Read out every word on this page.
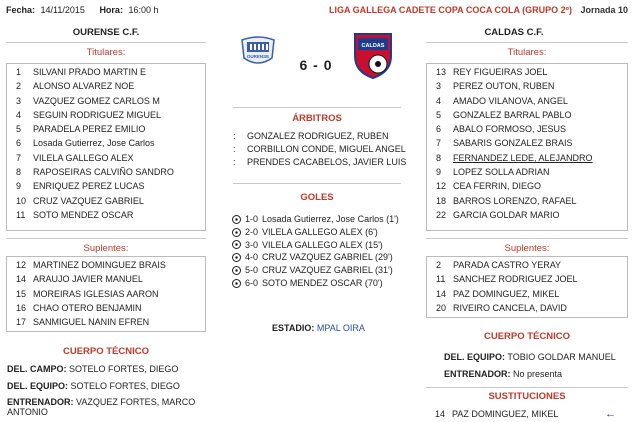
Fecha: 14/11/2015 Hora: 16:00 h	LIGA GALLEGA CADETE COPA COCA COLA (GRUPO 2º) Jornada 10
OURENSE C.F.	CALDAS C.F.
OURENSE
CALDAS
6 - 0
Titulares:
1 SILVANI PRADO MARTIN E
2 ALONSO ALVAREZ NOE
3 VAZQUEZ GOMEZ CARLOS M
4 SEGUIN RODRIGUEZ MIGUEL
5 PARADELA PEREZ EMILIO
6 Losada Gutierrez, Jose Carlos
7 VILELA GALLEGO ALEX
8 RAPOSEIRAS CALVIÑO SANDRO
9 ENRIQUEZ PEREZ LUCAS
10 CRUZ VAZQUEZ GABRIEL
11 SOTO MENDEZ OSCAR
Suplentes:
12 MARTINEZ DOMINGUEZ BRAIS
14 ARAUJO JAVIER MANUEL
15 MOREIRAS IGLESIAS AARON
16 CHAO OTERO BENJAMIN
17 SANMIGUEL NANIN EFREN
CUERPO TÉCNICO
DEL. CAMPO: SOTELO FORTES, DIEGO
DEL. EQUIPO: SOTELO FORTES, DIEGO
ENTRENADOR: VAZQUEZ FORTES, MARCO ANTONIO
ÁRBITROS
: GONZALEZ RODRIGUEZ, RUBEN
: CORBILLON CONDE, MIGUEL ANGEL
: PRENDES CACABELOS, JAVIER LUIS
GOLES
1-0 Losada Gutierrez, Jose Carlos (1')
2-0 VILELA GALLEGO ALEX (6')
3-0 VILELA GALLEGO ALEX (15')
4-0 CRUZ VAZQUEZ GABRIEL (29')
5-0 CRUZ VAZQUEZ GABRIEL (31')
6-0 SOTO MENDEZ OSCAR (70')
ESTADIO: MPAL OIRA
Titulares:
13 REY FIGUEIRAS JOEL
3 PEREZ OUTON, RUBEN
4 AMADO VILANOVA, ANGEL
5 GONZALEZ BARRAL PABLO
6 ABALO FORMOSO, JESUS
7 SABARIS GONZALEZ BRAIS
8 FERNANDEZ LEDE, ALEJANDRO
9 LOPEZ SOLLA ADRIAN
12 CEA FERRIN, DIEGO
18 BARROS LORENZO, RAFAEL
22 GARCIA GOLDAR MARIO
Suplentes:
2 PARADA CASTRO YERAY
11 SANCHEZ RODRIGUEZ JOEL
14 PAZ DOMINGUEZ, MIKEL
20 RIVEIRO CANCELA, DAVID
CUERPO TÉCNICO
DEL. EQUIPO: TOBIO GOLDAR MANUEL
ENTRENADOR: No presenta
SUSTITUCIONES
14 PAZ DOMINGUEZ, MIKEL	←
